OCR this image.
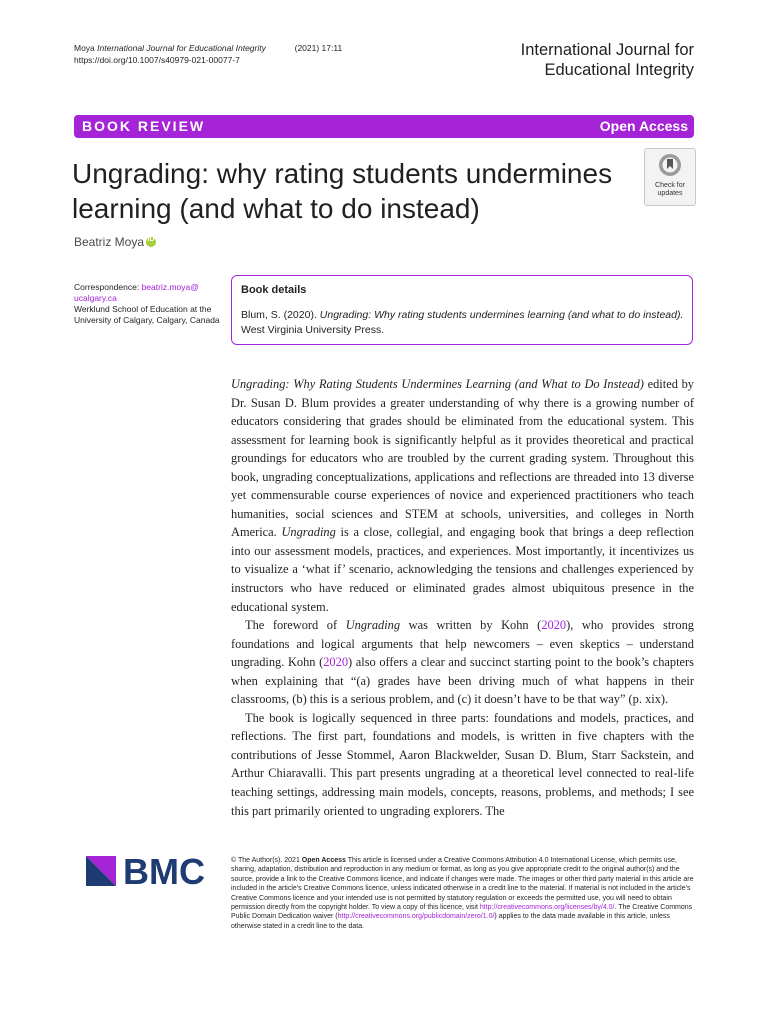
Moya International Journal for Educational Integrity	(2021) 17:11
https://doi.org/10.1007/s40979-021-00077-7
International Journal for
Educational Integrity
BOOK REVIEW	Open Access
Ungrading: why rating students undermines learning (and what to do instead)
Check for
updates
Beatriz Moya iD
Correspondence: beatriz.moya@
ucalgary.ca
Werklund School of Education at the University of Calgary, Calgary, Canada
Book details
Blum, S. (2020). Ungrading: Why rating students undermines learning (and what to do instead). West Virginia University Press.

Ungrading: Why Rating Students Undermines Learning (and What to Do Instead) edited by Dr. Susan D. Blum provides a greater understanding of why there is a growing number of educators considering that grades should be eliminated from the educational system. This assessment for learning book is significantly helpful as it provides theoretical and practical groundings for educators who are troubled by the current grading system. Throughout this book, ungrading conceptualizations, applications and reflections are threaded into 13 diverse yet commensurable course experiences of novice and experienced practitioners who teach humanities, social sciences and STEM at schools, universities, and colleges in North America. Ungrading is a close, collegial, and engaging book that brings a deep reflection into our assessment models, practices, and experiences. Most importantly, it incentivizes us to visualize a ‘what if’ scenario, acknowledging the tensions and challenges experienced by instructors who have reduced or eliminated grades almost ubiquitous presence in the educational system.

The foreword of Ungrading was written by Kohn (2020), who provides strong foundations and logical arguments that help newcomers – even skeptics – understand ungrading. Kohn (2020) also offers a clear and succinct starting point to the book’s chapters when explaining that “(a) grades have been driving much of what happens in their classrooms, (b) this is a serious problem, and (c) it doesn’t have to be that way” (p. xix).

The book is logically sequenced in three parts: foundations and models, practices, and reflections. The first part, foundations and models, is written in five chapters with the contributions of Jesse Stommel, Aaron Blackwelder, Susan D. Blum, Starr Sackstein, and Arthur Chiaravalli. This part presents ungrading at a theoretical level connected to real-life teaching settings, addressing main models, concepts, reasons, problems, and methods; I see this part primarily oriented to ungrading explorers. The

BMC	© The Author(s). 2021 Open Access This article is licensed under a Creative Commons Attribution 4.0 International License, which permits use, sharing, adaptation, distribution and reproduction in any medium or format, as long as you give appropriate credit to the original author(s) and the source, provide a link to the Creative Commons licence, and indicate if changes were made. The images or other third party material in this article are included in the article's Creative Commons licence, unless indicated otherwise in a credit line to the material. If material is not included in the article's Creative Commons licence and your intended use is not permitted by statutory regulation or exceeds the permitted use, you will need to obtain permission directly from the copyright holder. To view a copy of this licence, visit http://creativecommons.org/licenses/by/4.0/. The Creative Commons Public Domain Dedication waiver (http://creativecommons.org/publicdomain/zero/1.0/) applies to the data made available in this article, unless otherwise stated in a credit line to the data.
